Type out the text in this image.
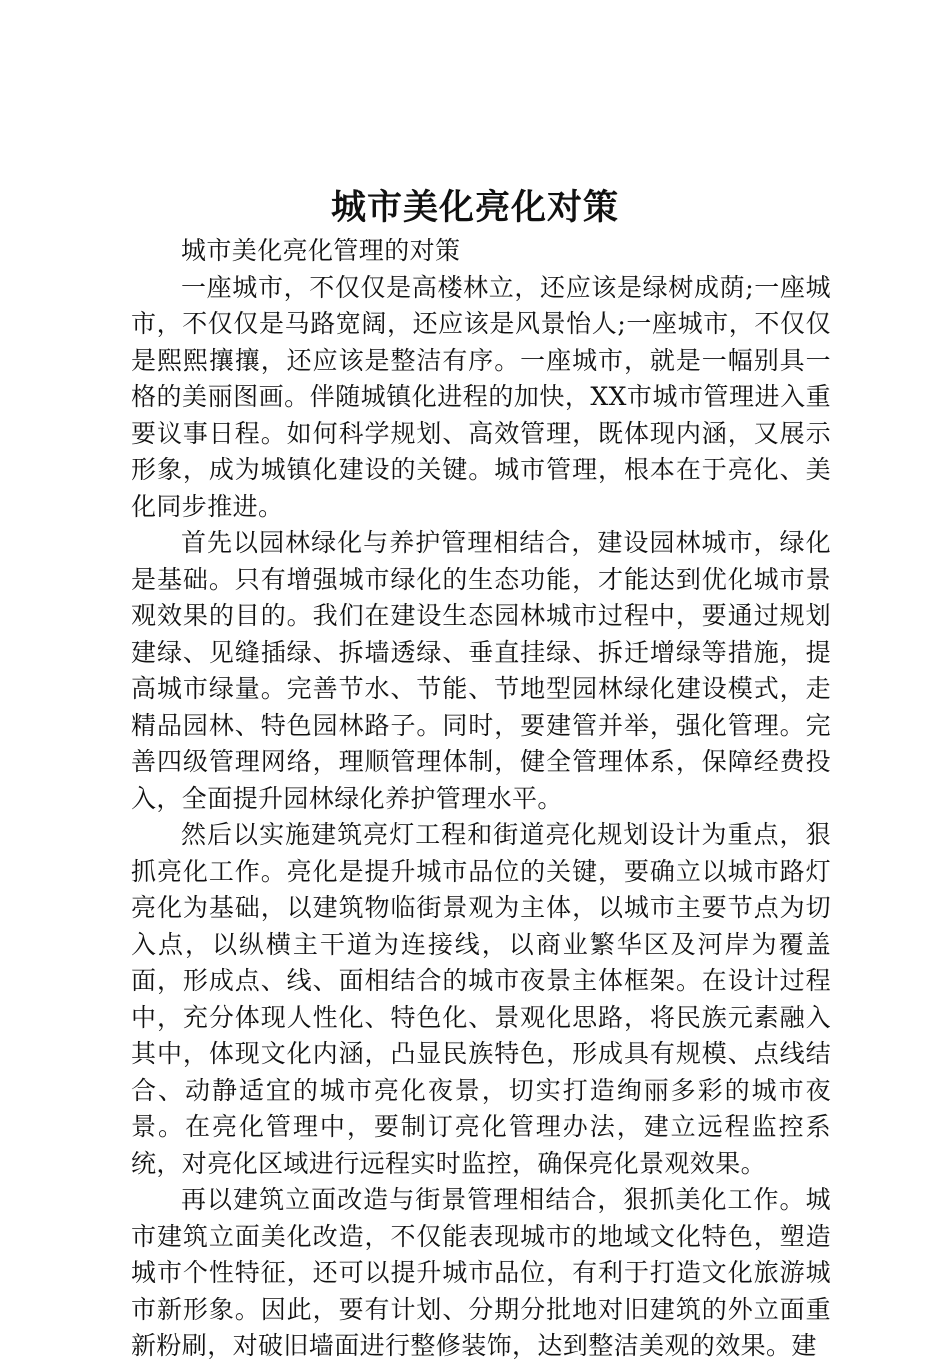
城市美化亮化对策

城市美化亮化管理的对策

一座城市，不仅仅是高楼林立，还应该是绿树成荫;一座城市，不仅仅是马路宽阔，还应该是风景怡人;一座城市，不仅仅是熙熙攘攘，还应该是整洁有序。一座城市，就是一幅别具一格的美丽图画。伴随城镇化进程的加快，XX市城市管理进入重要议事日程。如何科学规划、高效管理，既体现内涵，又展示形象，成为城镇化建设的关键。城市管理，根本在于亮化、美化同步推进。

首先以园林绿化与养护管理相结合，建设园林城市，绿化是基础。只有增强城市绿化的生态功能，才能达到优化城市景观效果的目的。我们在建设生态园林城市过程中，要通过规划建绿、见缝插绿、拆墙透绿、垂直挂绿、拆迁增绿等措施，提高城市绿量。完善节水、节能、节地型园林绿化建设模式，走精品园林、特色园林路子。同时，要建管并举，强化管理。完善四级管理网络，理顺管理体制，健全管理体系，保障经费投入，全面提升园林绿化养护管理水平。

然后以实施建筑亮灯工程和街道亮化规划设计为重点，狠抓亮化工作。亮化是提升城市品位的关键，要确立以城市路灯亮化为基础，以建筑物临街景观为主体，以城市主要节点为切入点，以纵横主干道为连接线，以商业繁华区及河岸为覆盖面，形成点、线、面相结合的城市夜景主体框架。在设计过程中，充分体现人性化、特色化、景观化思路，将民族元素融入其中，体现文化内涵，凸显民族特色，形成具有规模、点线结合、动静适宜的城市亮化夜景，切实打造绚丽多彩的城市夜景。在亮化管理中，要制订亮化管理办法，建立远程监控系统，对亮化区域进行远程实时监控，确保亮化景观效果。

再以建筑立面改造与街景管理相结合，狠抓美化工作。城市建筑立面美化改造，不仅能表现城市的地域文化特色，塑造城市个性特征，还可以提升城市品位，有利于打造文化旅游城市新形象。因此，要有计划、分期分批地对旧建筑的外立面重新粉刷，对破旧墙面进行整修装饰，达到整洁美观的效果。建
